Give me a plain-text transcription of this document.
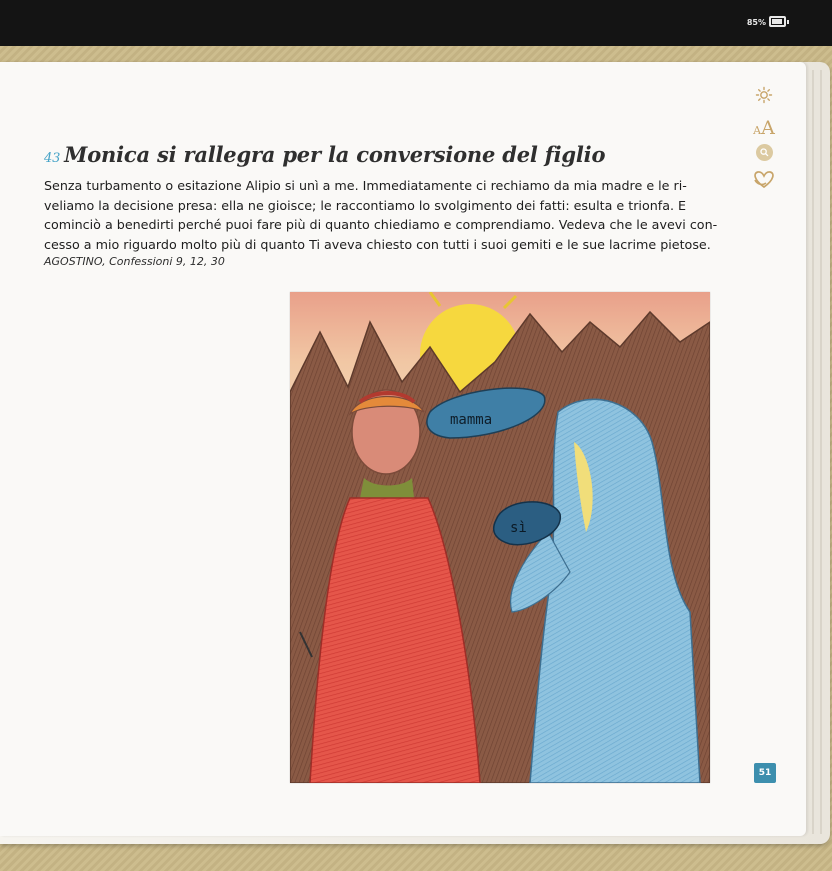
85%
AA
43 Monica si rallegra per la conversione del figlio

Senza turbamento o esitazione Alipio si unì a me. Immediatamente ci rechiamo da mia madre e le ri-
veliamo la decisione presa: ella ne gioisce; le raccontiamo lo svolgimento dei fatti: esulta e trionfa. E
cominciò a benedirti perché puoi fare più di quanto chiediamo e comprendiamo. Vedeva che le avevi con-
cesso a mio riguardo molto più di quanto Ti aveva chiesto con tutti i suoi gemiti e le sue lacrime pietose.

AGOSTINO, Confessioni 9, 12, 30

mamma
sì
51
